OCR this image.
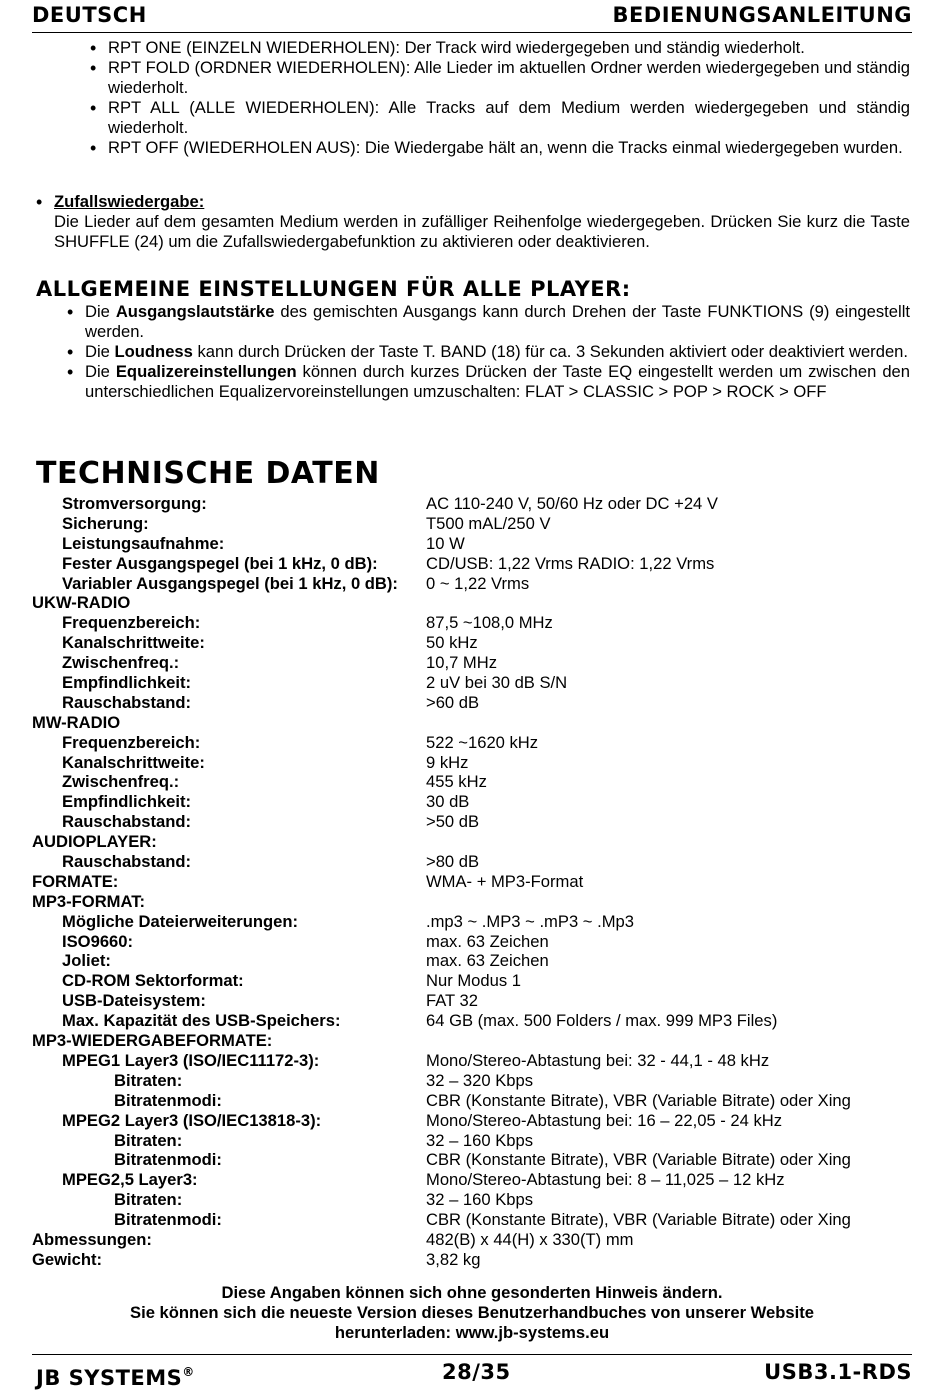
DEUTSCH	BEDIENUNGSANLEITUNG
• RPT ONE (EINZELN WIEDERHOLEN): Der Track wird wiedergegeben und ständig wiederholt.
• RPT FOLD (ORDNER WIEDERHOLEN): Alle Lieder im aktuellen Ordner werden wiedergegeben und ständig wiederholt.
• RPT ALL (ALLE WIEDERHOLEN): Alle Tracks auf dem Medium werden wiedergegeben und ständig wiederholt.
• RPT OFF (WIEDERHOLEN AUS): Die Wiedergabe hält an, wenn die Tracks einmal wiedergegeben wurden.
• Zufallswiedergabe:
Die Lieder auf dem gesamten Medium werden in zufälliger Reihenfolge wiedergegeben. Drücken Sie kurz die Taste SHUFFLE (24) um die Zufallswiedergabefunktion zu aktivieren oder deaktivieren.
ALLGEMEINE EINSTELLUNGEN FÜR ALLE PLAYER:
• Die Ausgangslautstärke des gemischten Ausgangs kann durch Drehen der Taste FUNKTIONS (9) eingestellt werden.
• Die Loudness kann durch Drücken der Taste T. BAND (18) für ca. 3 Sekunden aktiviert oder deaktiviert werden.
• Die Equalizereinstellungen können durch kurzes Drücken der Taste EQ eingestellt werden um zwischen den unterschiedlichen Equalizervoreinstellungen umzuschalten: FLAT > CLASSIC > POP > ROCK > OFF
TECHNISCHE DATEN
Stromversorgung:	AC 110-240 V, 50/60 Hz oder DC +24 V
Sicherung:	T500 mAL/250 V
Leistungsaufnahme:	10 W
Fester Ausgangspegel (bei 1 kHz, 0 dB):	CD/USB: 1,22 Vrms RADIO: 1,22 Vrms
Variabler Ausgangspegel (bei 1 kHz, 0 dB): 0 ~ 1,22 Vrms
UKW-RADIO
Frequenzbereich:	87,5 ~108,0 MHz
Kanalschrittweite:	50 kHz
Zwischenfreq.:	10,7 MHz
Empfindlichkeit:	2 uV bei 30 dB S/N
Rauschabstand:	>60 dB
MW-RADIO
Frequenzbereich:	522 ~1620 kHz
Kanalschrittweite:	9 kHz
Zwischenfreq.:	455 kHz
Empfindlichkeit:	30 dB
Rauschabstand:	>50 dB
AUDIOPLAYER:
Rauschabstand:	>80 dB
FORMATE:	WMA- + MP3-Format
MP3-FORMAT:
Mögliche Dateierweiterungen:	.mp3 ~ .MP3 ~ .mP3 ~ .Mp3
ISO9660:	max. 63 Zeichen
Joliet:	max. 63 Zeichen
CD-ROM Sektorformat:	Nur Modus 1
USB-Dateisystem:	FAT 32
Max. Kapazität des USB-Speichers:	64 GB (max. 500 Folders / max. 999 MP3 Files)
MP3-WIEDERGABEFORMATE:
MPEG1 Layer3 (ISO/IEC11172-3):	Mono/Stereo-Abtastung bei: 32 - 44,1 - 48 kHz
Bitraten:	32 – 320 Kbps
Bitratenmodi:	CBR (Konstante Bitrate), VBR (Variable Bitrate) oder Xing
MPEG2 Layer3 (ISO/IEC13818-3):	Mono/Stereo-Abtastung bei: 16 – 22,05 - 24 kHz
Bitraten:	32 – 160 Kbps
Bitratenmodi:	CBR (Konstante Bitrate), VBR (Variable Bitrate) oder Xing
MPEG2,5 Layer3:	Mono/Stereo-Abtastung bei: 8 – 11,025 – 12 kHz
Bitraten:	32 – 160 Kbps
Bitratenmodi:	CBR (Konstante Bitrate), VBR (Variable Bitrate) oder Xing
Abmessungen:	482(B) x 44(H) x 330(T) mm
Gewicht:	3,82 kg
Diese Angaben können sich ohne gesonderten Hinweis ändern.
Sie können sich die neueste Version dieses Benutzerhandbuches von unserer Website
herunterladen: www.jb-systems.eu
JB SYSTEMS®	28/35	USB3.1-RDS
